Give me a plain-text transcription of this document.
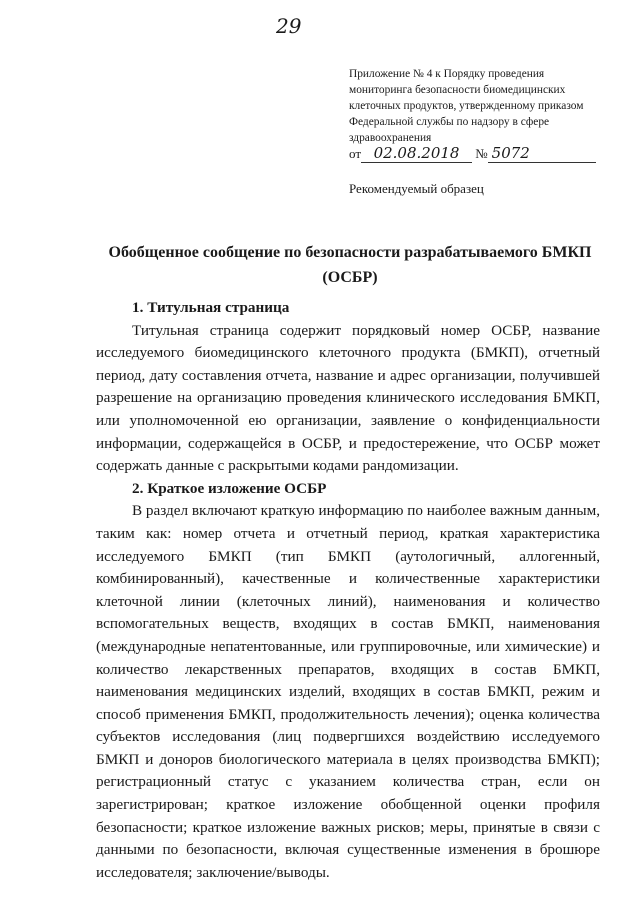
29
Приложение № 4 к Порядку проведения мониторинга безопасности биомедицинских клеточных продуктов, утвержденному приказом Федеральной службы по надзору в сфере здравоохранения
от 02.08.2018 № 5072
Рекомендуемый образец
Обобщенное сообщение по безопасности разрабатываемого БМКП
(ОСБР)
1. Титульная страница

Титульная страница содержит порядковый номер ОСБР, название исследуемого биомедицинского клеточного продукта (БМКП), отчетный период, дату составления отчета, название и адрес организации, получившей разрешение на организацию проведения клинического исследования БМКП, или уполномоченной ею организации, заявление о конфиденциальности информации, содержащейся в ОСБР, и предостережение, что ОСБР может содержать данные с раскрытыми кодами рандомизации.

2. Краткое изложение ОСБР

В раздел включают краткую информацию по наиболее важным данным, таким как: номер отчета и отчетный период, краткая характеристика исследуемого БМКП (тип БМКП (аутологичный, аллогенный, комбинированный), качественные и количественные характеристики клеточной линии (клеточных линий), наименования и количество вспомогательных веществ, входящих в состав БМКП, наименования (международные непатентованные, или группировочные, или химические) и количество лекарственных препаратов, входящих в состав БМКП, наименования медицинских изделий, входящих в состав БМКП, режим и способ применения БМКП, продолжительность лечения); оценка количества субъектов исследования (лиц подвергшихся воздействию исследуемого БМКП и доноров биологического материала в целях производства БМКП); регистрационный статус с указанием количества стран, если он зарегистрирован; краткое изложение обобщенной оценки профиля безопасности; краткое изложение важных рисков; меры, принятые в связи с данными по безопасности, включая существенные изменения в брошюре исследователя; заключение/выводы.
